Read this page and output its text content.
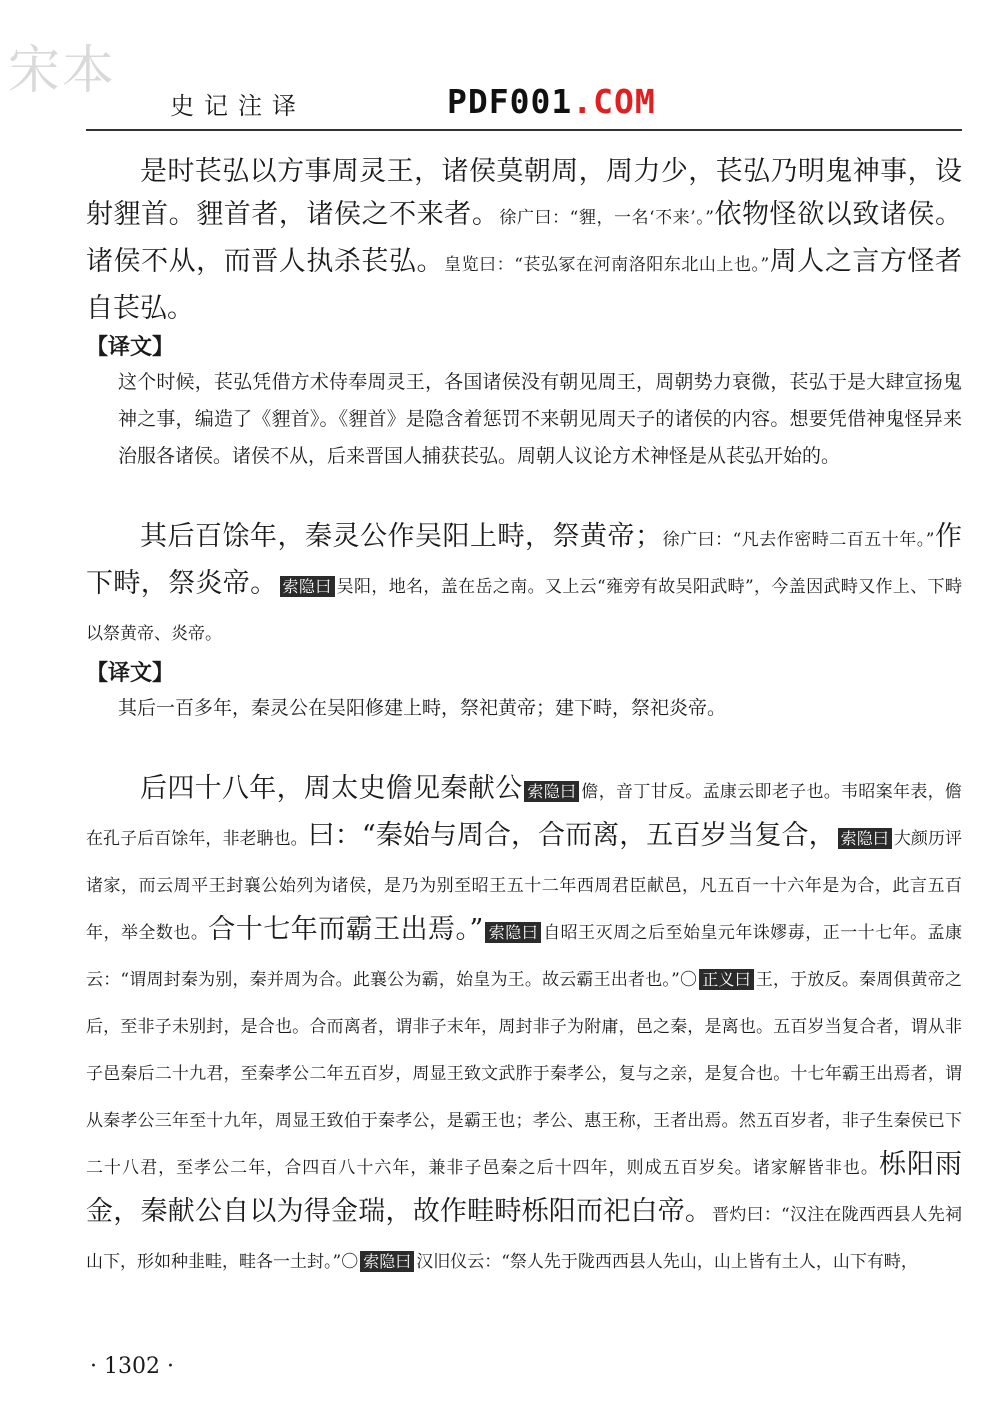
宋本
史记注译	PDF001.COM

是时苌弘以方事周灵王，诸侯莫朝周，周力少，苌弘乃明鬼神事，设射貍首。貍首者，诸侯之不来者。徐广曰：“貍，一名‘不来’。”依物怪欲以致诸侯。诸侯不从，而晋人执杀苌弘。皇览曰：“苌弘冢在河南洛阳东北山上也。”周人之言方怪者自苌弘。

【译文】

这个时候，苌弘凭借方术侍奉周灵王，各国诸侯没有朝见周王，周朝势力衰微，苌弘于是大肆宣扬鬼神之事，编造了《貍首》。《貍首》是隐含着惩罚不来朝见周天子的诸侯的内容。想要凭借神鬼怪异来治服各诸侯。诸侯不从，后来晋国人捕获苌弘。周朝人议论方术神怪是从苌弘开始的。

其后百馀年，秦灵公作吴阳上畤，祭黄帝；徐广曰：“凡去作密畤二百五十年。”作下畤，祭炎帝。 索隐曰 吴阳，地名，盖在岳之南。又上云“雍旁有故吴阳武畤”，今盖因武畤又作上、下畤以祭黄帝、炎帝。

【译文】

其后一百多年，秦灵公在吴阳修建上畤，祭祀黄帝；建下畤，祭祀炎帝。

后四十八年，周太史儋见秦献公 索隐曰 儋，音丁甘反。孟康云即老子也。韦昭案年表，儋在孔子后百馀年，非老聃也。曰：“秦始与周合，合而离，五百岁当复合， 索隐曰 大颜历评诸家，而云周平王封襄公始列为诸侯，是乃为别至昭王五十二年西周君臣献邑，凡五百一十六年是为合，此言五百年，举全数也。合十七年而霸王出焉。” 索隐曰 自昭王灭周之后至始皇元年诛嫪毐，正一十七年。孟康云：“谓周封秦为别，秦并周为合。此襄公为霸，始皇为王。故云霸王出者也。”〇 正义曰 王，于放反。秦周俱黄帝之后，至非子未别封，是合也。合而离者，谓非子末年，周封非子为附庸，邑之秦，是离也。五百岁当复合者，谓从非子邑秦后二十九君，至秦孝公二年五百岁，周显王致文武胙于秦孝公，复与之亲，是复合也。十七年霸王出焉者，谓从秦孝公三年至十九年，周显王致伯于秦孝公，是霸王也；孝公、惠王称，王者出焉。然五百岁者，非子生秦侯已下二十八君，至孝公二年，合四百八十六年，兼非子邑秦之后十四年，则成五百岁矣。诸家解皆非也。栎阳雨金，秦献公自以为得金瑞，故作畦畤栎阳而祀白帝。晋灼曰：“汉注在陇西西县人先祠山下，形如种韭畦，畦各一土封。”〇 索隐曰 汉旧仪云：“祭人先于陇西西县人先山，山上皆有土人，山下有畤，

· 1302 ·
